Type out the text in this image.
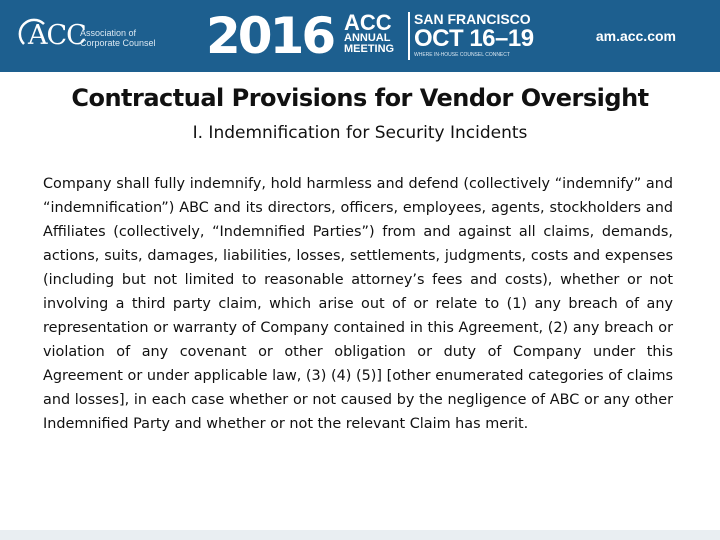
ACC
Association of
Corporate Counsel 2016 ACC
ANNUAL
MEETING
SAN FRANCISCO
OCT 16–19
WHERE IN-HOUSE COUNSEL CONNECT
am.acc.com
Contractual Provisions for Vendor Oversight
I. Indemnification for Security Incidents
Company shall fully indemnify, hold harmless and defend (collectively “indemnify” and “indemnification”) ABC and its directors, officers, employees, agents, stockholders and Affiliates (collectively, “Indemnified Parties”) from and against all claims, demands, actions, suits, damages, liabilities, losses, settlements, judgments, costs and expenses (including but not limited to reasonable attorney’s fees and costs), whether or not involving a third party claim, which arise out of or relate to (1) any breach of any representation or warranty of Company contained in this Agreement, (2) any breach or violation of any covenant or other obligation or duty of Company under this Agreement or under applicable law, (3) (4) (5)] [other enumerated categories of claims and losses], in each case whether or not caused by the negligence of ABC or any other Indemnified Party and whether or not the relevant Claim has merit.
